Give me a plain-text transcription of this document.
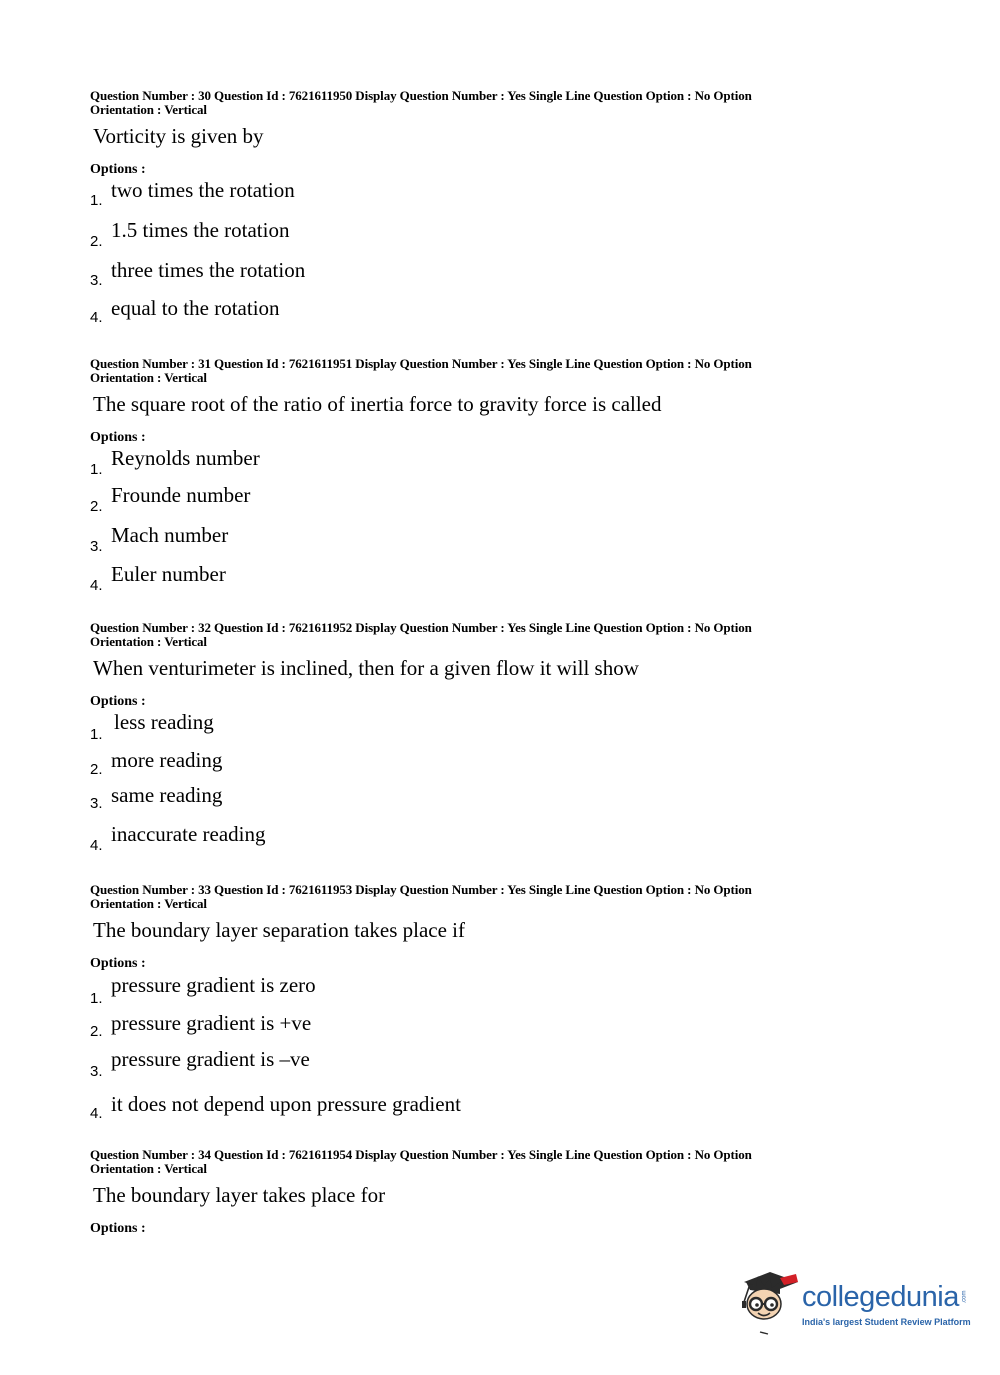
Question Number : 30 Question Id : 7621611950 Display Question Number : Yes Single Line Question Option : No Option
Orientation : Vertical
Vorticity is given by
Options :
1. two times the rotation
2. 1.5 times the rotation
3. three times the rotation
4. equal to the rotation
Question Number : 31 Question Id : 7621611951 Display Question Number : Yes Single Line Question Option : No Option
Orientation : Vertical
The square root of the ratio of inertia force to gravity force is called
Options :
1. Reynolds number
2. Frounde number
3. Mach number
4. Euler number
Question Number : 32 Question Id : 7621611952 Display Question Number : Yes Single Line Question Option : No Option
Orientation : Vertical
When venturimeter is inclined, then for a given flow it will show
Options :
1.
less reading
2. more reading
3. same reading
4. inaccurate reading
Question Number : 33 Question Id : 7621611953 Display Question Number : Yes Single Line Question Option : No Option
Orientation : Vertical
The boundary layer separation takes place if
Options :
1.
pressure gradient is zero
2. pressure gradient is +ve
3.
pressure gradient is –ve
4. it does not depend upon pressure gradient
Question Number : 34 Question Id : 7621611954 Display Question Number : Yes Single Line Question Option : No Option
Orientation : Vertical
The boundary layer takes place for
Options :
collegedunia .com
India's largest Student Review Platform
